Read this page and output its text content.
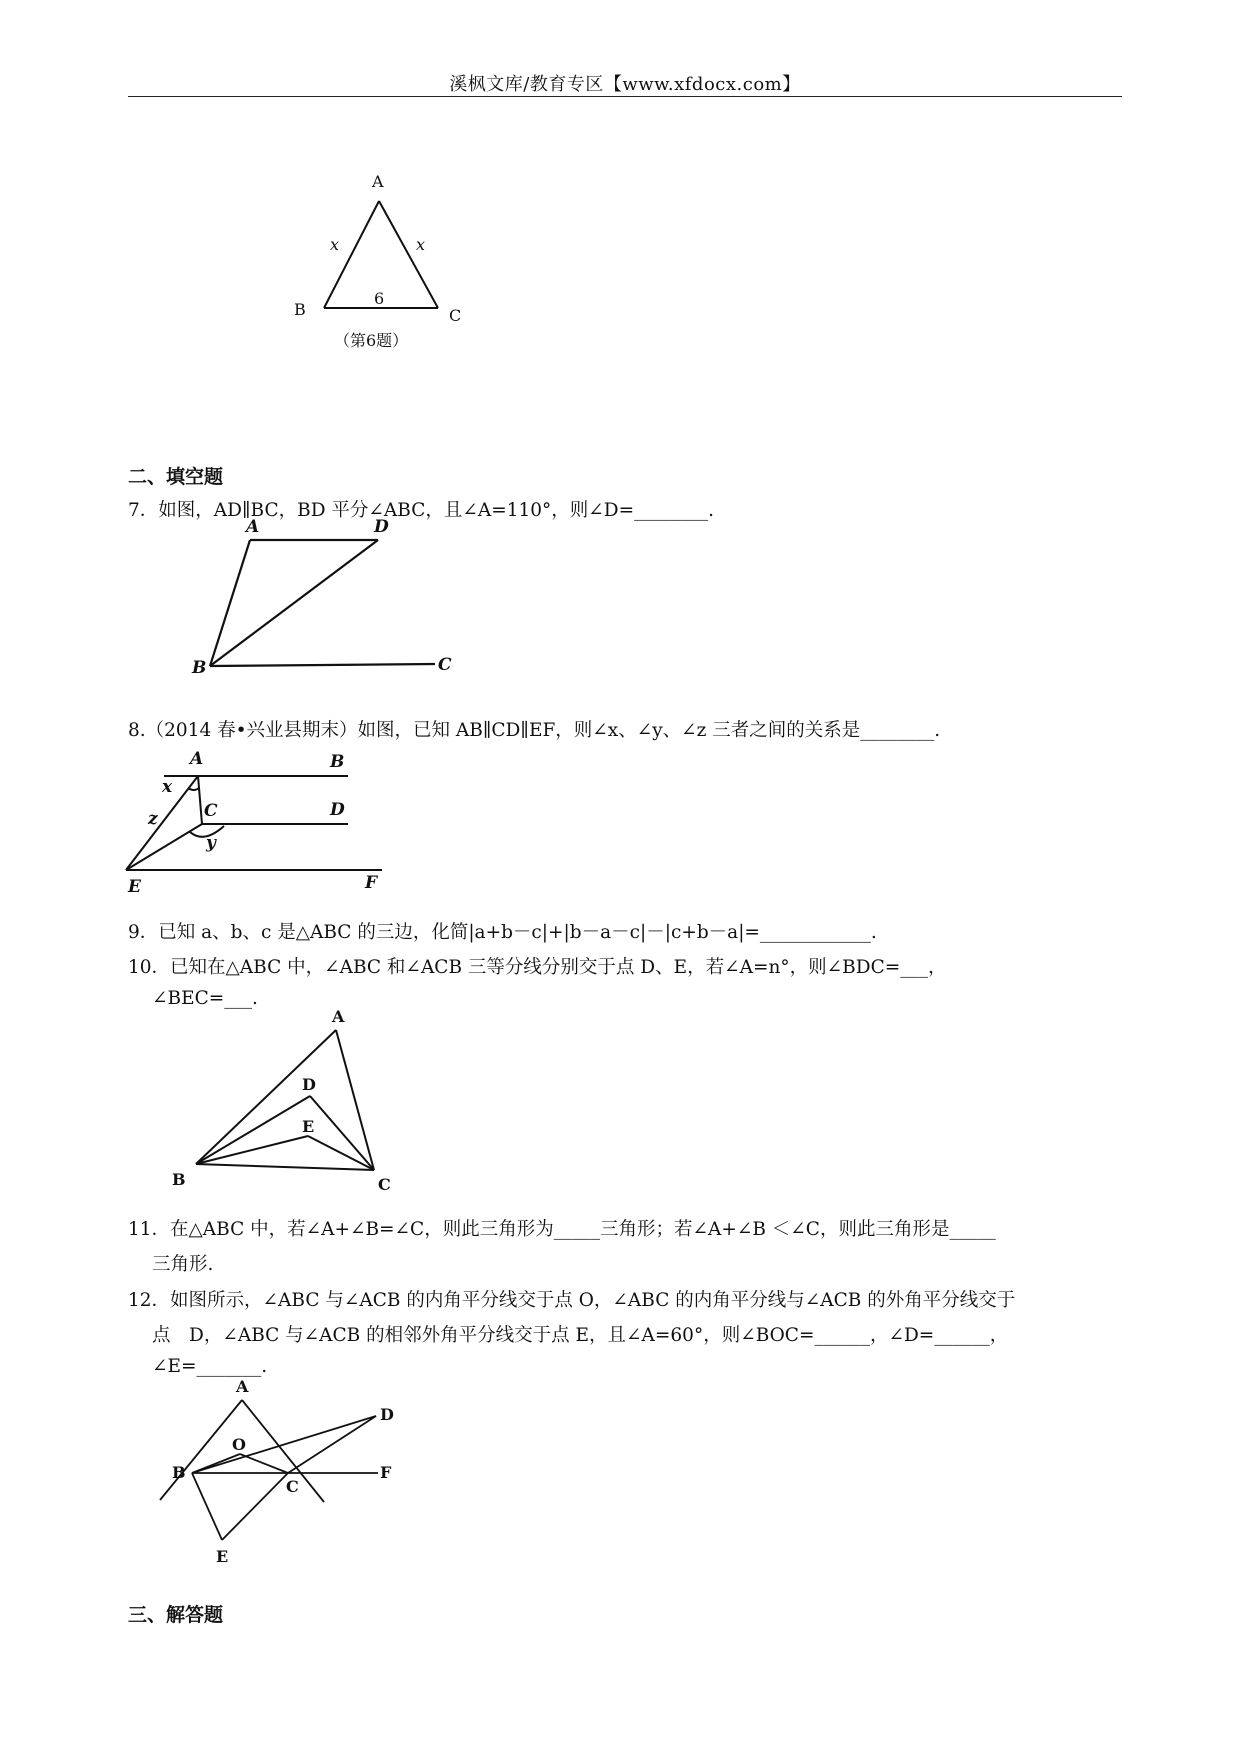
溪枫文库/教育专区【www.xfdocx.com】
A
B	C
x	x
6
（第6题）
二、填空题
7．如图，AD∥BC，BD 平分∠ABC，且∠A=110°，则∠D=________.
A	D
B	C
8.（2014 春•兴业县期末）如图，已知 AB∥CD∥EF，则∠x、∠y、∠z 三者之间的关系是________.
A	B
C	D
E	F
x
y
z
9．已知 a、b、c 是△ABC 的三边，化简|a+b－c|+|b－a－c|－|c+b－a|=____________.
10．已知在△ABC 中，∠ABC 和∠ACB 三等分线分别交于点 D、E，若∠A=n°，则∠BDC=___，
∠BEC=___.
A
B	C
D
E
11．在△ABC 中，若∠A+∠B=∠C，则此三角形为_____三角形；若∠A+∠B ＜∠C，则此三角形是_____
三角形.
12．如图所示，∠ABC 与∠ACB 的内角平分线交于点 O，∠ABC 的内角平分线与∠ACB 的外角平分线交于
点　D，∠ABC 与∠ACB 的相邻外角平分线交于点 E，且∠A=60°，则∠BOC=______，∠D=______，
∠E=_______.
A
B
C
D
E
F
O
三、解答题
